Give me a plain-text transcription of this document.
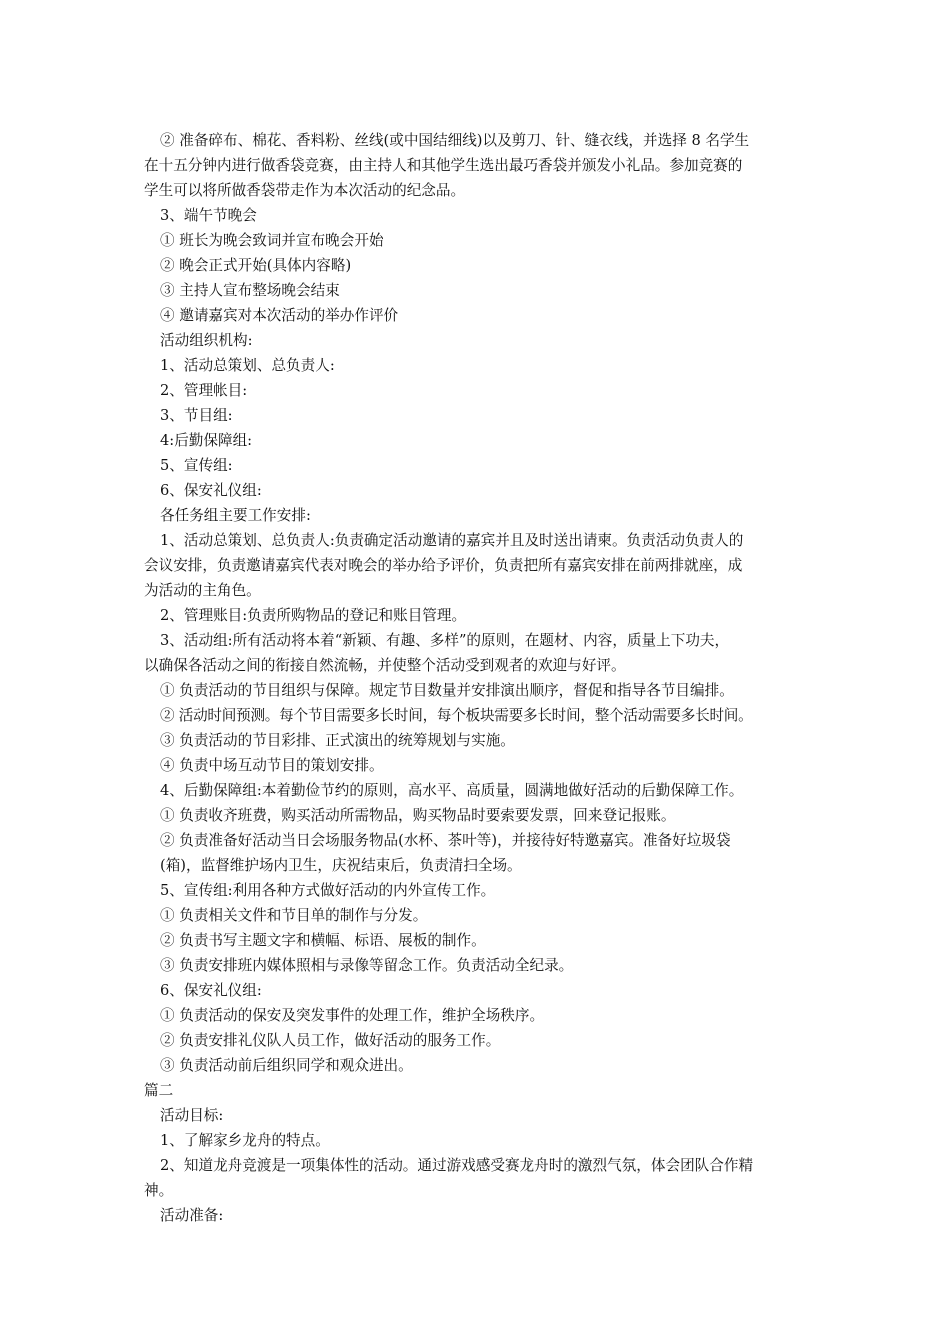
② 准备碎布、棉花、香料粉、丝线(或中国结细线)以及剪刀、针、缝衣线，并选择 8 名学生
在十五分钟内进行做香袋竞赛，由主持人和其他学生选出最巧香袋并颁发小礼品。参加竞赛的
学生可以将所做香袋带走作为本次活动的纪念品。
3、端午节晚会
① 班长为晚会致词并宣布晚会开始
② 晚会正式开始(具体内容略)
③ 主持人宣布整场晚会结束
④ 邀请嘉宾对本次活动的举办作评价
活动组织机构:
1、活动总策划、总负责人:
2、管理帐目:
3、节目组:
4:后勤保障组:
5、宣传组:
6、保安礼仪组:
各任务组主要工作安排:
1、活动总策划、总负责人:负责确定活动邀请的嘉宾并且及时送出请柬。负责活动负责人的
会议安排，负责邀请嘉宾代表对晚会的举办给予评价，负责把所有嘉宾安排在前两排就座，成
为活动的主角色。
2、管理账目:负责所购物品的登记和账目管理。
3、活动组:所有活动将本着“新颖、有趣、多样”的原则，在题材、内容，质量上下功夫，
以确保各活动之间的衔接自然流畅，并使整个活动受到观者的欢迎与好评。
① 负责活动的节目组织与保障。规定节目数量并安排演出顺序，督促和指导各节目编排。
② 活动时间预测。每个节目需要多长时间，每个板块需要多长时间，整个活动需要多长时间。
③ 负责活动的节目彩排、正式演出的统筹规划与实施。
④ 负责中场互动节目的策划安排。
4、后勤保障组:本着勤俭节约的原则，高水平、高质量，圆满地做好活动的后勤保障工作。
① 负责收齐班费，购买活动所需物品，购买物品时要索要发票，回来登记报账。
② 负责准备好活动当日会场服务物品(水杯、茶叶等)，并接待好特邀嘉宾。准备好垃圾袋
(箱)，监督维护场内卫生，庆祝结束后，负责清扫全场。
5、宣传组:利用各种方式做好活动的内外宣传工作。
① 负责相关文件和节目单的制作与分发。
② 负责书写主题文字和横幅、标语、展板的制作。
③ 负责安排班内媒体照相与录像等留念工作。负责活动全纪录。
6、保安礼仪组:
① 负责活动的保安及突发事件的处理工作，维护全场秩序。
② 负责安排礼仪队人员工作，做好活动的服务工作。
③ 负责活动前后组织同学和观众进出。
篇二
活动目标:
1、了解家乡龙舟的特点。
2、知道龙舟竞渡是一项集体性的活动。通过游戏感受赛龙舟时的激烈气氛，体会团队合作精
神。
活动准备:
